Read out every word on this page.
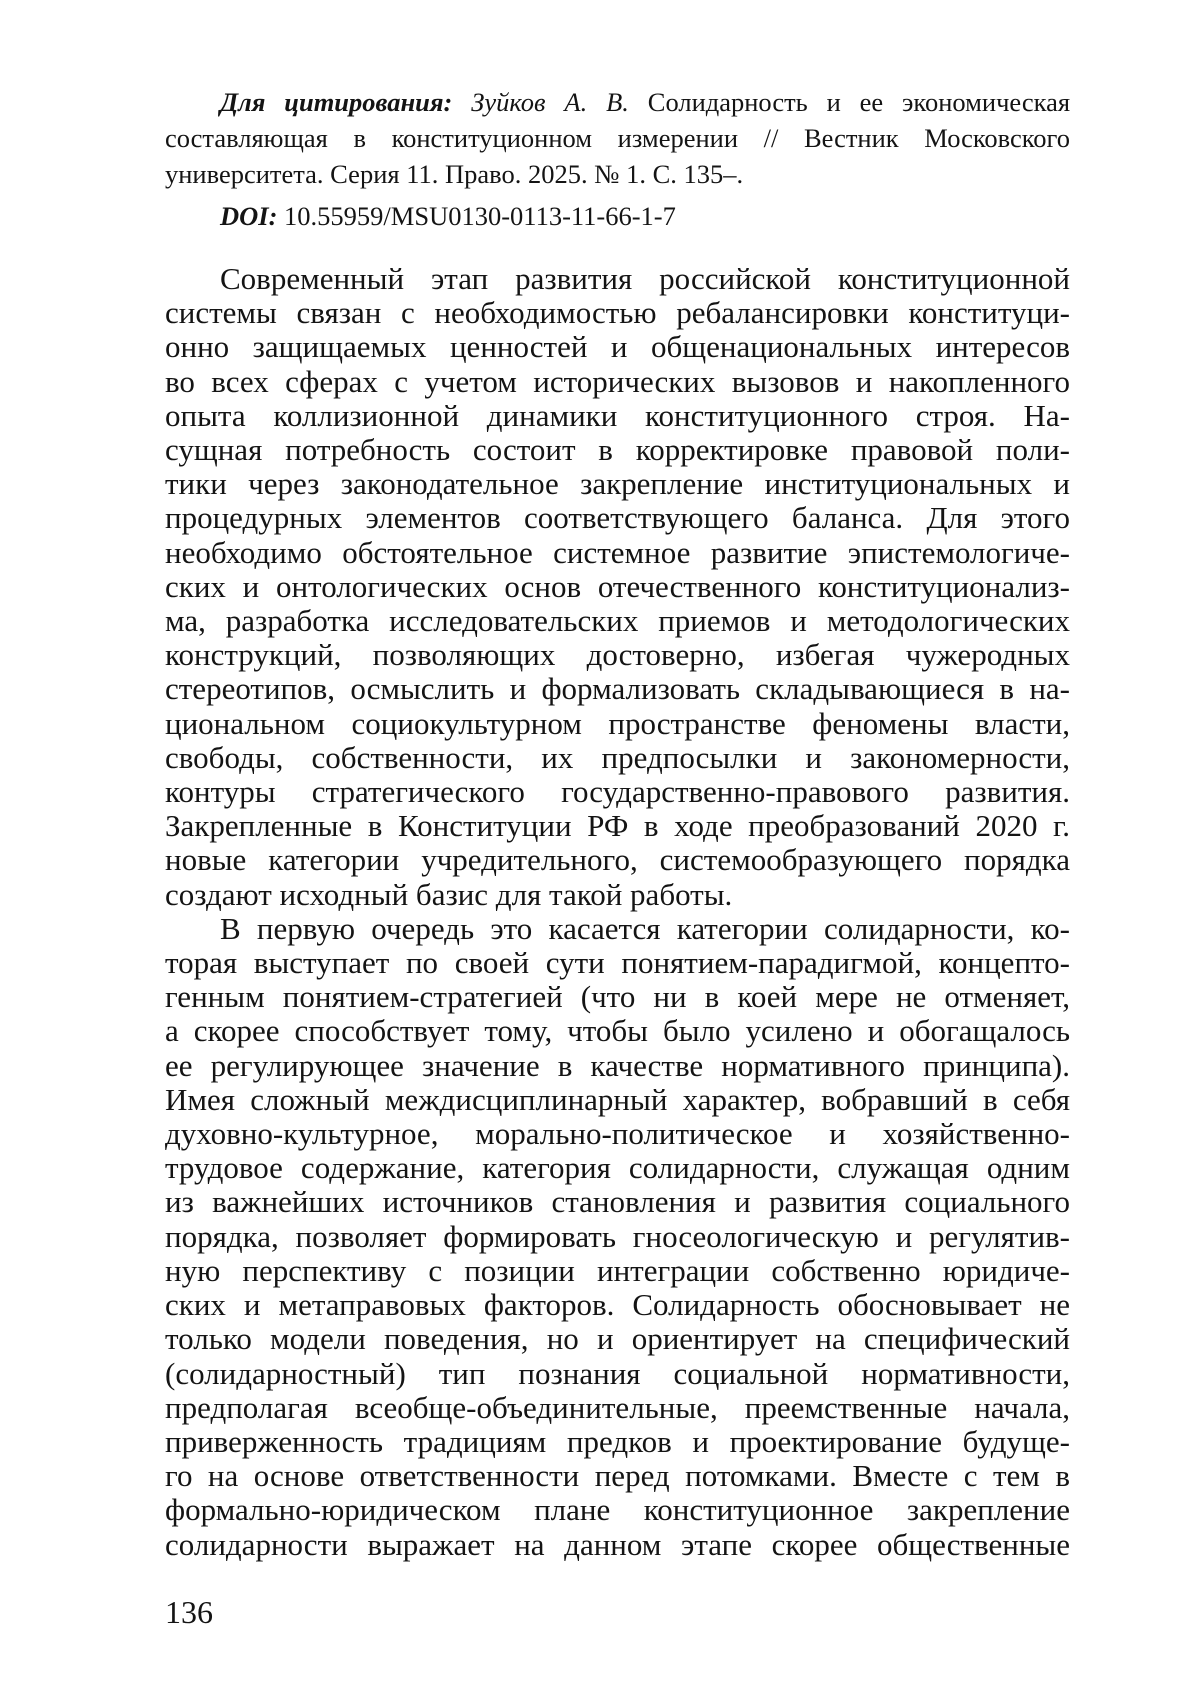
Для цитирования: Зуйков А. В. Солидарность и ее экономическая составляющая в конституционном измерении // Вестник Московского университета. Серия 11. Право. 2025. № 1. С. 135–.
DOI: 10.55959/MSU0130-0113-11-66-1-7
Современный этап развития российской конституционной
системы связан с необходимостью ребалансировки конституци-
онно защищаемых ценностей и общенациональных интересов
во всех сферах с учетом исторических вызовов и накопленного
опыта коллизионной динамики конституционного строя. На-
сущная потребность состоит в корректировке правовой поли-
тики через законодательное закрепление институциональных и
процедурных элементов соответствующего баланса. Для этого
необходимо обстоятельное системное развитие эпистемологиче-
ских и онтологических основ отечественного конституционализ-
ма, разработка исследовательских приемов и методологических
конструкций, позволяющих достоверно, избегая чужеродных
стереотипов, осмыслить и формализовать складывающиеся в на-
циональном социокультурном пространстве феномены власти,
свободы, собственности, их предпосылки и закономерности,
контуры стратегического государственно-правового развития.
Закрепленные в Конституции РФ в ходе преобразований 2020 г.
новые категории учредительного, системообразующего порядка
создают исходный базис для такой работы.
В первую очередь это касается категории солидарности, ко-
торая выступает по своей сути понятием-парадигмой, концепто-
генным понятием-стратегией (что ни в коей мере не отменяет,
а скорее способствует тому, чтобы было усилено и обогащалось
ее регулирующее значение в качестве нормативного принципа).
Имея сложный междисциплинарный характер, вобравший в себя
духовно-культурное, морально-политическое и хозяйственно-
трудовое содержание, категория солидарности, служащая одним
из важнейших источников становления и развития социального
порядка, позволяет формировать гносеологическую и регулятив-
ную перспективу с позиции интеграции собственно юридиче-
ских и метаправовых факторов. Солидарность обосновывает не
только модели поведения, но и ориентирует на специфический
(солидарностный) тип познания социальной нормативности,
предполагая всеобще-объединительные, преемственные начала,
приверженность традициям предков и проектирование будуще-
го на основе ответственности перед потомками. Вместе с тем в
формально-юридическом плане конституционное закрепление
солидарности выражает на данном этапе скорее общественные
136
